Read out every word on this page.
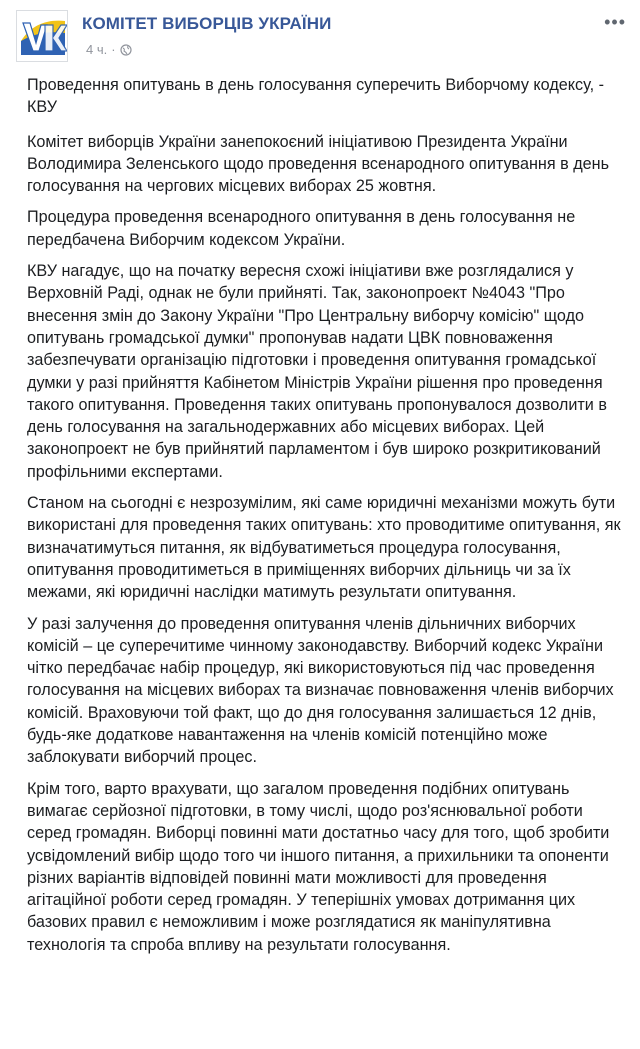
КОМІТЕТ ВИБОРЦІВ УКРАЇНИ
4 ч. ·
•••

Проведення опитувань в день голосування суперечить Виборчому кодексу, - КВУ

Комітет виборців України занепокоєний ініціативою Президента України Володимира Зеленського щодо проведення всенародного опитування в день голосування на чергових місцевих виборах 25 жовтня.

Процедура проведення всенародного опитування в день голосування не передбачена Виборчим кодексом України.

КВУ нагадує, що на початку вересня схожі ініціативи вже розглядалися у Верховній Раді, однак не були прийняті. Так, законопроект №4043 "Про внесення змін до Закону України "Про Центральну виборчу комісію" щодо опитувань громадської думки" пропонував надати ЦВК повноваження забезпечувати організацію підготовки і проведення опитування громадської думки у разі прийняття Кабінетом Міністрів України рішення про проведення такого опитування. Проведення таких опитувань пропонувалося дозволити в день голосування на загальнодержавних або місцевих виборах. Цей законопроект не був прийнятий парламентом і був широко розкритикований профільними експертами.

Станом на сьогодні є незрозумілим, які саме юридичні механізми можуть бути використані для проведення таких опитувань: хто проводитиме опитування, як визначатимуться питання, як відбуватиметься процедура голосування, опитування проводитиметься в приміщеннях виборчих дільниць чи за їх межами, які юридичні наслідки матимуть результати опитування.

У разі залучення до проведення опитування членів дільничних виборчих комісій – це суперечитиме чинному законодавству. Виборчий кодекс України чітко передбачає набір процедур, які використовуються під час проведення голосування на місцевих виборах та визначає повноваження членів виборчих комісій. Враховуючи той факт, що до дня голосування залишається 12 днів, будь-яке додаткове навантаження на членів комісій потенційно може заблокувати виборчий процес.

Крім того, варто врахувати, що загалом проведення подібних опитувань вимагає серйозної підготовки, в тому числі, щодо роз'яснювальної роботи серед громадян. Виборці повинні мати достатньо часу для того, щоб зробити усвідомлений вибір щодо того чи іншого питання, а прихильники та опоненти різних варіантів відповідей повинні мати можливості для проведення агітаційної роботи серед громадян. У теперішніх умовах дотримання цих базових правил є неможливим і може розглядатися як маніпулятивна технологія та спроба впливу на результати голосування.
